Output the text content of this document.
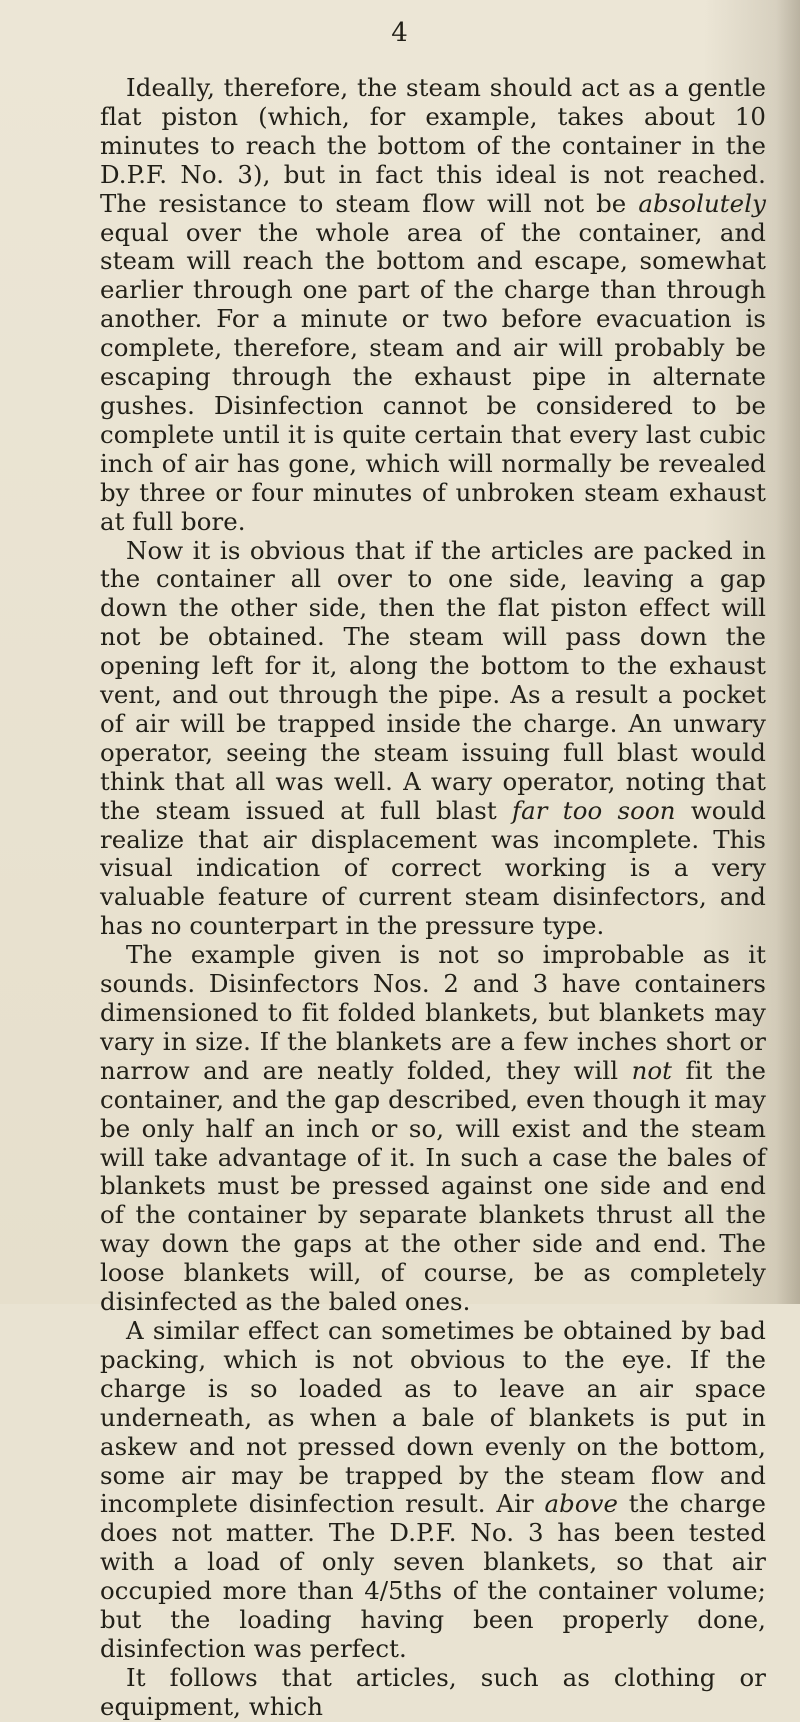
4

Ideally, therefore, the steam should act as a gentle flat piston (which, for example, takes about 10 minutes to reach the bottom of the container in the D.P.F. No. 3), but in fact this ideal is not reached. The resistance to steam flow will not be absolutely equal over the whole area of the container, and steam will reach the bottom and escape, somewhat earlier through one part of the charge than through another. For a minute or two before evacuation is complete, therefore, steam and air will probably be escaping through the exhaust pipe in alternate gushes. Disinfection cannot be considered to be complete until it is quite certain that every last cubic inch of air has gone, which will normally be revealed by three or four minutes of unbroken steam exhaust at full bore.

Now it is obvious that if the articles are packed in the container all over to one side, leaving a gap down the other side, then the flat piston effect will not be obtained. The steam will pass down the opening left for it, along the bottom to the exhaust vent, and out through the pipe. As a result a pocket of air will be trapped inside the charge. An unwary operator, seeing the steam issuing full blast would think that all was well. A wary operator, noting that the steam issued at full blast far too soon would realize that air displacement was incomplete. This visual indication of correct working is a very valuable feature of current steam disinfectors, and has no counterpart in the pressure type.

The example given is not so improbable as it sounds. Disinfectors Nos. 2 and 3 have containers dimensioned to fit folded blankets, but blankets may vary in size. If the blankets are a few inches short or narrow and are neatly folded, they will not fit the container, and the gap described, even though it may be only half an inch or so, will exist and the steam will take advantage of it. In such a case the bales of blankets must be pressed against one side and end of the container by separate blankets thrust all the way down the gaps at the other side and end. The loose blankets will, of course, be as completely disinfected as the baled ones.

A similar effect can sometimes be obtained by bad packing, which is not obvious to the eye. If the charge is so loaded as to leave an air space underneath, as when a bale of blankets is put in askew and not pressed down evenly on the bottom, some air may be trapped by the steam flow and incomplete disinfection result. Air above the charge does not matter. The D.P.F. No. 3 has been tested with a load of only seven blankets, so that air occupied more than 4/5ths of the container volume; but the loading having been properly done, disinfection was perfect.

It follows that articles, such as clothing or equipment, which
